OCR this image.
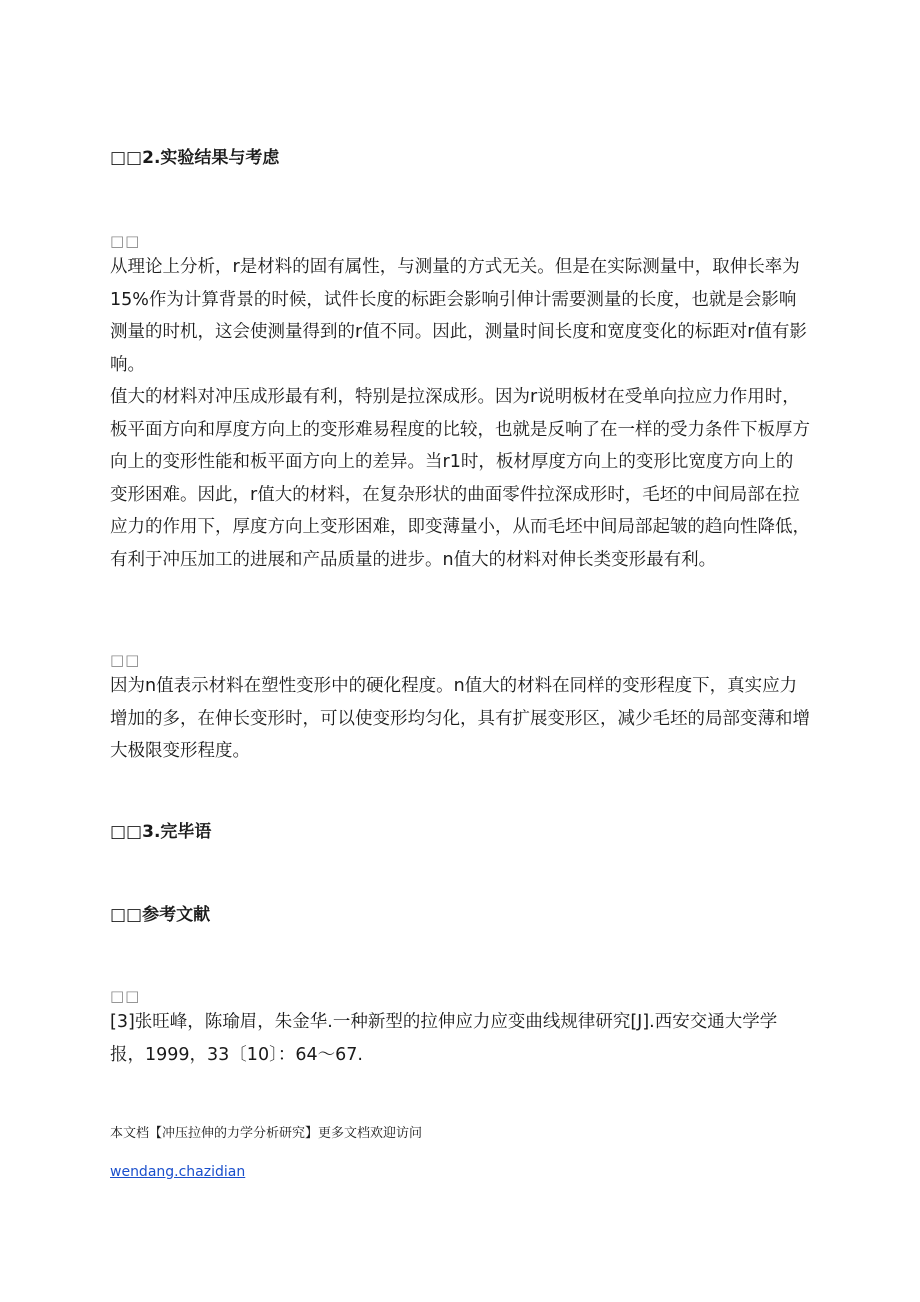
□□2.实验结果与考虑
□□

从理论上分析，r是材料的固有属性，与测量的方式无关。但是在实际测量中，取伸长率为15%作为计算背景的时候，试件长度的标距会影响引伸计需要测量的长度，也就是会影响测量的时机，这会使测量得到的r值不同。因此，测量时间长度和宽度变化的标距对r值有影响。

值大的材料对冲压成形最有利，特别是拉深成形。因为r说明板材在受单向拉应力作用时，板平面方向和厚度方向上的变形难易程度的比较，也就是反响了在一样的受力条件下板厚方向上的变形性能和板平面方向上的差异。当r1时，板材厚度方向上的变形比宽度方向上的变形困难。因此，r值大的材料，在复杂形状的曲面零件拉深成形时，毛坯的中间局部在拉应力的作用下，厚度方向上变形困难，即变薄量小，从而毛坯中间局部起皱的趋向性降低，有利于冲压加工的进展和产品质量的进步。n值大的材料对伸长类变形最有利。

□□

因为n值表示材料在塑性变形中的硬化程度。n值大的材料在同样的变形程度下，真实应力增加的多，在伸长变形时，可以使变形均匀化，具有扩展变形区，减少毛坯的局部变薄和增大极限变形程度。

□□3.完毕语
□□参考文献
□□

[3]张旺峰，陈瑜眉，朱金华.一种新型的拉伸应力应变曲线规律研究[J].西安交通大学学报，1999，33〔10〕：64～67.

本文档【冲压拉伸的力学分析研究】更多文档欢迎访问
wendang.chazidian
